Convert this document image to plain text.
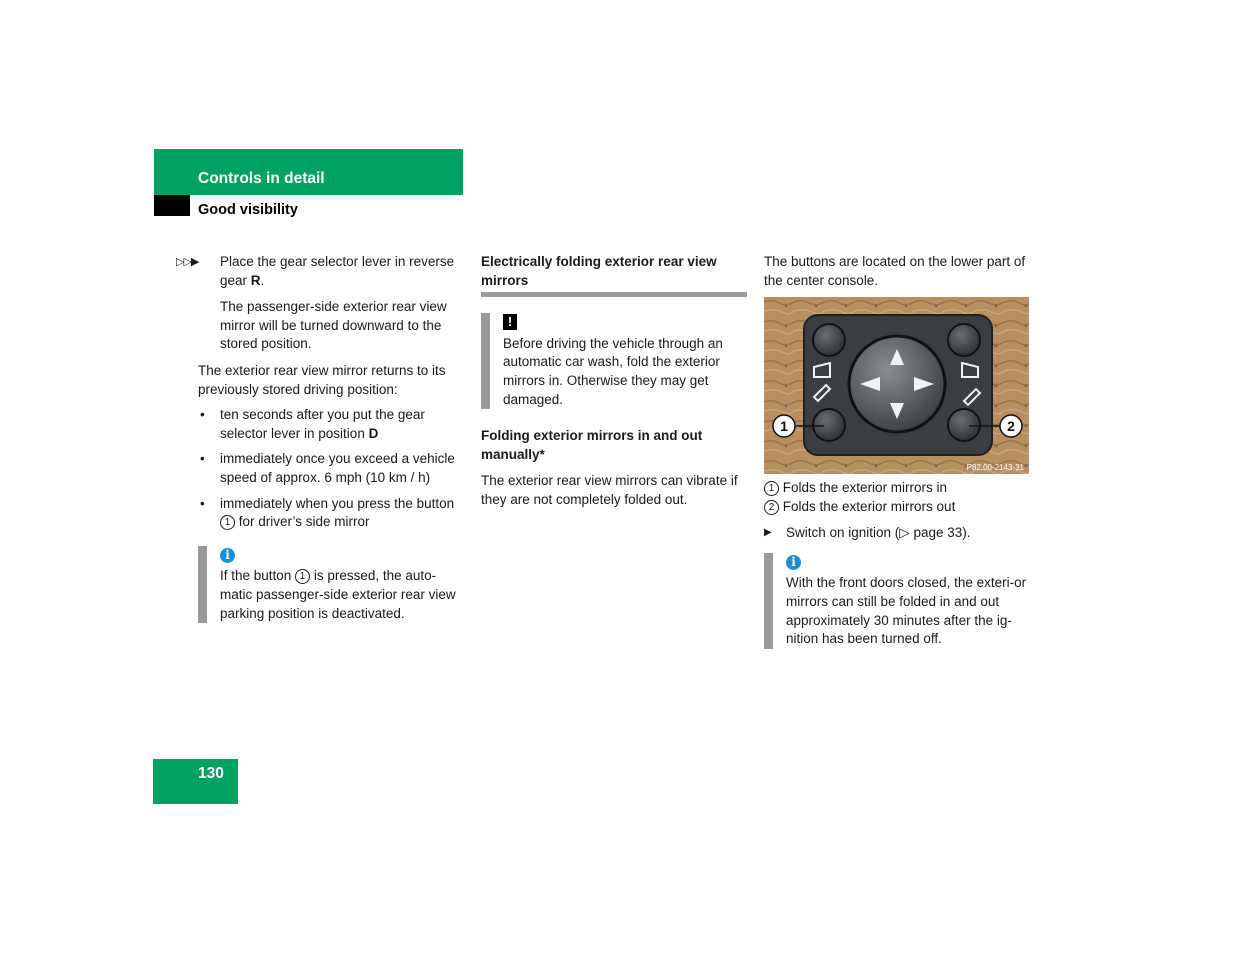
Controls in detail
Good visibility
▷▷▶ Place the gear selector lever in reverse gear R.

The passenger-side exterior rear view mirror will be turned downward to the stored position.

The exterior rear view mirror returns to its previously stored driving position:

• ten seconds after you put the gear selector lever in position D
• immediately once you exceed a vehicle speed of approx. 6 mph (10 km / h)
• immediately when you press the button 1 for driver’s side mirror
i

If the button 1 is pressed, the auto-matic passenger-side exterior rear view parking position is deactivated.

Electrically folding exterior rear view mirrors

!

Before driving the vehicle through an automatic car wash, fold the exterior mirrors in. Otherwise they may get damaged.

Folding exterior mirrors in and out manually*

The exterior rear view mirrors can vibrate if they are not completely folded out.

The buttons are located on the lower part of the center console.

1	2
P82.00-2143-31

1 Folds the exterior mirrors in

2 Folds the exterior mirrors out

▶ Switch on ignition (▷ page 33).
i

With the front doors closed, the exteri-or mirrors can still be folded in and out approximately 30 minutes after the ig-nition has been turned off.

130
